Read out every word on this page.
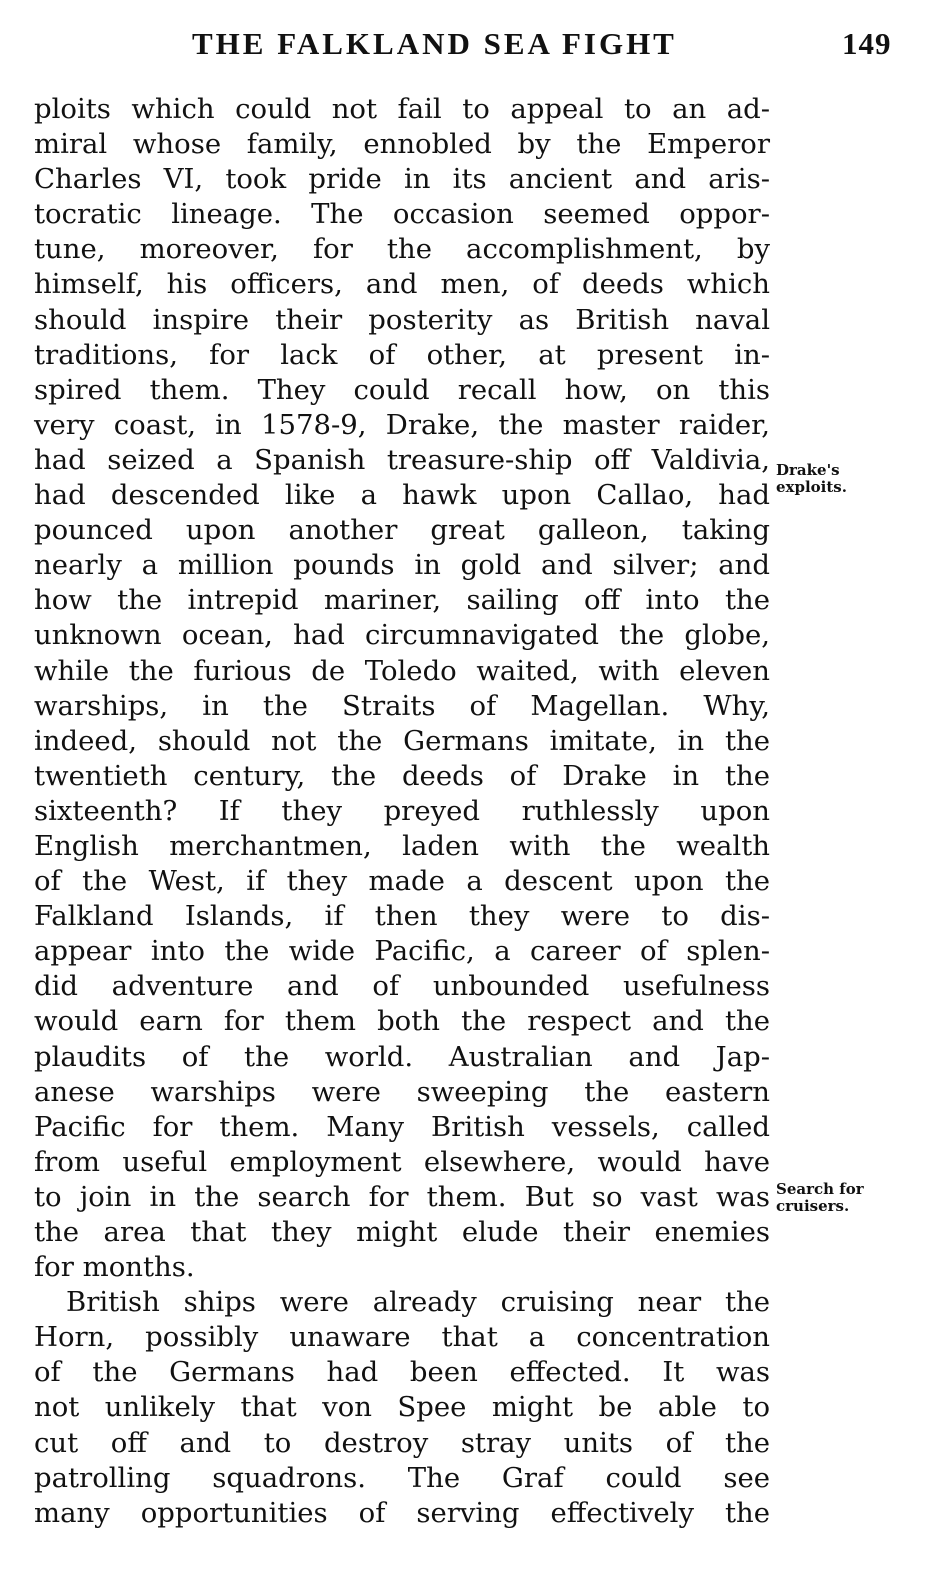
THE FALKLAND SEA FIGHT	149
ploits which could not fail to appeal to an ad-
miral whose family, ennobled by the Emperor
Charles VI, took pride in its ancient and aris-
tocratic lineage. The occasion seemed oppor-
tune, moreover, for the accomplishment, by
himself, his officers, and men, of deeds which
should inspire their posterity as British naval
traditions, for lack of other, at present in-
spired them. They could recall how, on this
very coast, in 1578-9, Drake, the master raider,
had seized a Spanish treasure-ship off Valdivia,
had descended like a hawk upon Callao, had
pounced upon another great galleon, taking
nearly a million pounds in gold and silver; and
how the intrepid mariner, sailing off into the
unknown ocean, had circumnavigated the globe,
while the furious de Toledo waited, with eleven
warships, in the Straits of Magellan. Why,
indeed, should not the Germans imitate, in the
twentieth century, the deeds of Drake in the
sixteenth? If they preyed ruthlessly upon
English merchantmen, laden with the wealth
of the West, if they made a descent upon the
Falkland Islands, if then they were to dis-
appear into the wide Pacific, a career of splen-
did adventure and of unbounded usefulness
would earn for them both the respect and the
plaudits of the world. Australian and Jap-
anese warships were sweeping the eastern
Pacific for them. Many British vessels, called
from useful employment elsewhere, would have
to join in the search for them. But so vast was
the area that they might elude their enemies
for months.
British ships were already cruising near the
Horn, possibly unaware that a concentration
of the Germans had been effected. It was
not unlikely that von Spee might be able to
cut off and to destroy stray units of the
patrolling squadrons. The Graf could see
many opportunities of serving effectively the
Drake's
exploits.
Search for
cruisers.
